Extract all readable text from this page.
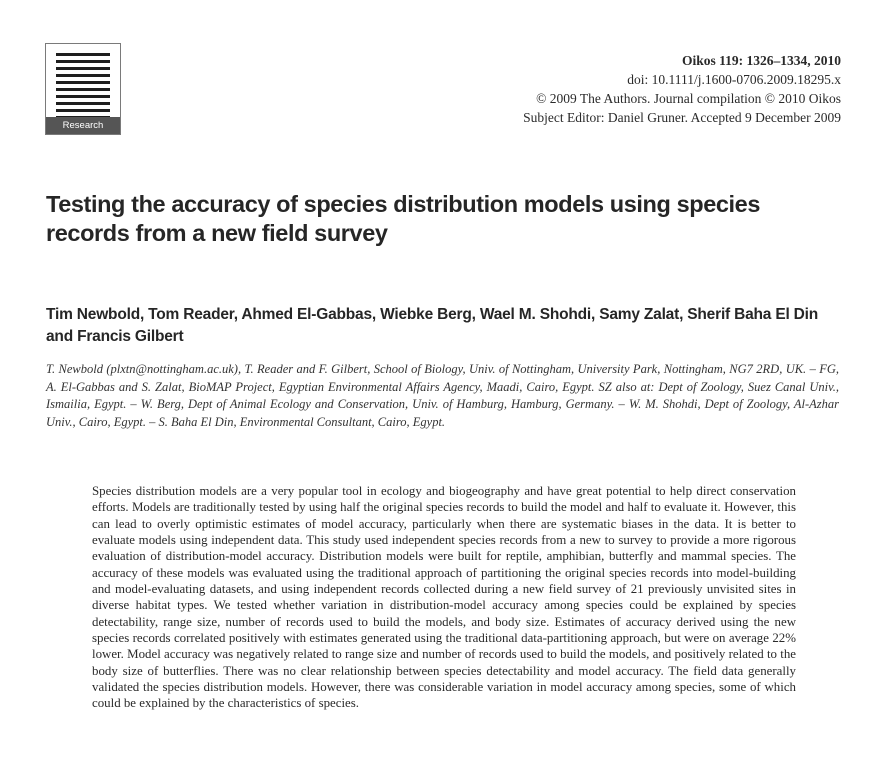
Research
Oikos 119: 1326–1334, 2010
doi: 10.1111/j.1600-0706.2009.18295.x
© 2009 The Authors. Journal compilation © 2010 Oikos
Subject Editor: Daniel Gruner. Accepted 9 December 2009
Testing the accuracy of species distribution models using species records from a new field survey

Tim Newbold, Tom Reader, Ahmed El-Gabbas, Wiebke Berg, Wael M. Shohdi, Samy Zalat, Sherif Baha El Din and Francis Gilbert

T. Newbold (plxtn@nottingham.ac.uk), T. Reader and F. Gilbert, School of Biology, Univ. of Nottingham, University Park, Nottingham, NG7 2RD, UK. – FG, A. El-Gabbas and S. Zalat, BioMAP Project, Egyptian Environmental Affairs Agency, Maadi, Cairo, Egypt. SZ also at: Dept of Zoology, Suez Canal Univ., Ismailia, Egypt. – W. Berg, Dept of Animal Ecology and Conservation, Univ. of Hamburg, Hamburg, Germany. – W. M. Shohdi, Dept of Zoology, Al-Azhar Univ., Cairo, Egypt. – S. Baha El Din, Environmental Consultant, Cairo, Egypt.

Species distribution models are a very popular tool in ecology and biogeography and have great potential to help direct conservation efforts. Models are traditionally tested by using half the original species records to build the model and half to evaluate it. However, this can lead to overly optimistic estimates of model accuracy, particularly when there are systematic biases in the data. It is better to evaluate models using independent data. This study used independent species records from a new to survey to provide a more rigorous evaluation of distribution-model accuracy. Distribution models were built for reptile, amphibian, butterfly and mammal species. The accuracy of these models was evaluated using the traditional approach of partitioning the original species records into model-building and model-evaluating datasets, and using independent records collected during a new field survey of 21 previously unvisited sites in diverse habitat types. We tested whether variation in distribution-model accuracy among species could be explained by species detectability, range size, number of records used to build the models, and body size. Estimates of accuracy derived using the new species records correlated positively with estimates generated using the traditional data-partitioning approach, but were on average 22% lower. Model accuracy was negatively related to range size and number of records used to build the models, and positively related to the body size of butterflies. There was no clear relationship between species detectability and model accuracy. The field data generally validated the species distribution models. However, there was considerable variation in model accuracy among species, some of which could be explained by the characteristics of species.
